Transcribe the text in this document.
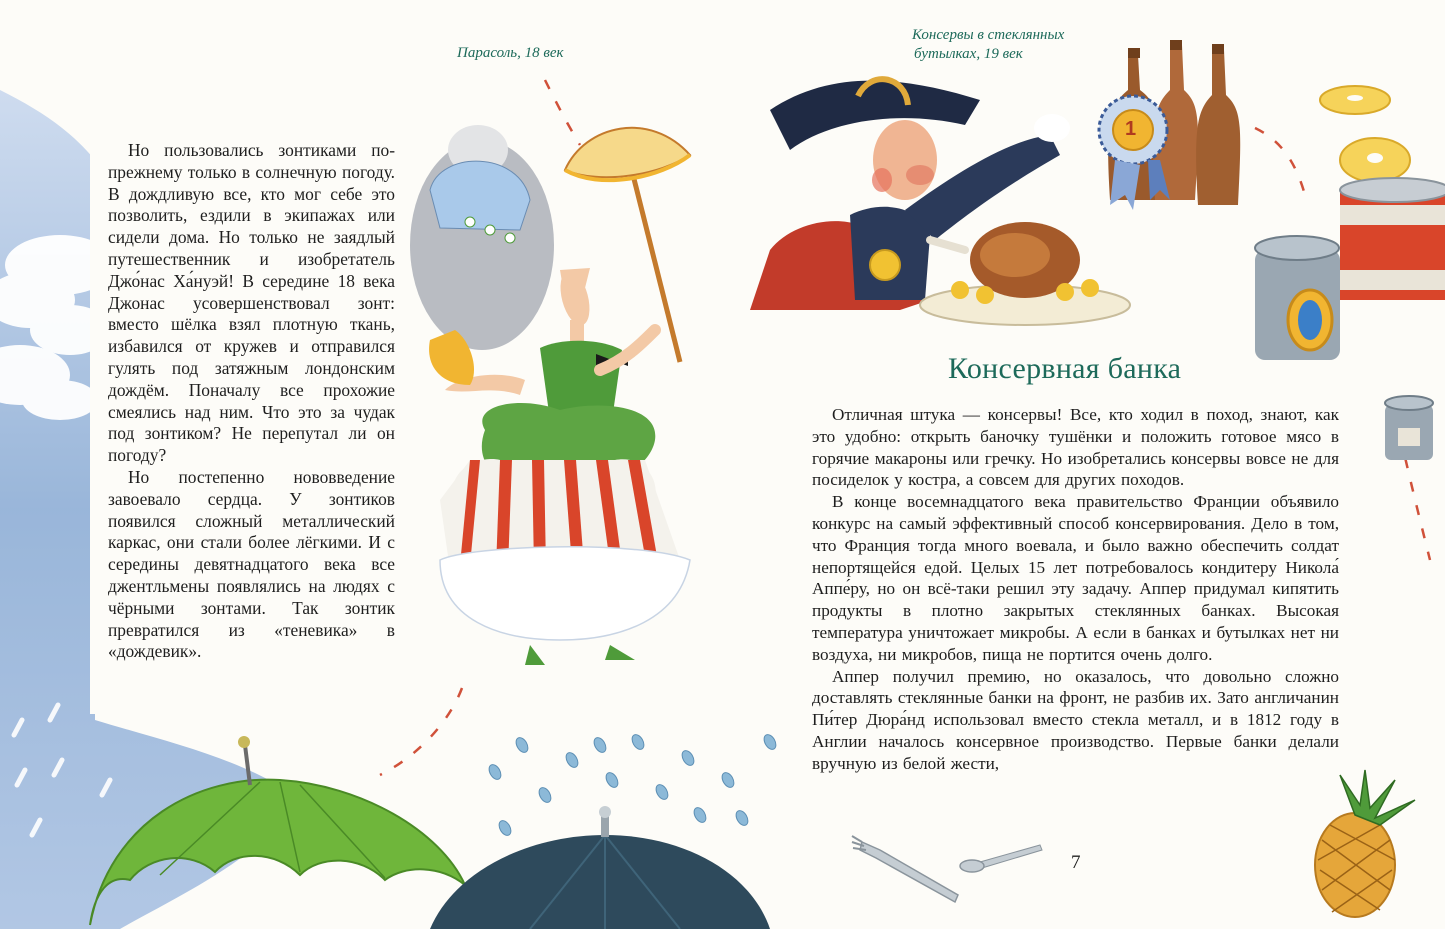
Парасоль, 18 век

Консервы в стеклянных
бутылках, 19 век

Но пользовались зонтиками по-прежнему только в солнечную погоду. В дождливую все, кто мог себе это позволить, ездили в экипажах или сидели дома. Но только не заядлый путешественник и изобретатель Джо́нас Ха́нуэй! В середине 18 века Джонас усовершенствовал зонт: вместо шёлка взял плотную ткань, избавился от кружев и отправился гулять под затяжным лондонским дождём. Поначалу все прохожие смеялись над ним. Что это за чудак под зонтиком? Не перепутал ли он погоду?

Но постепенно нововведение завоевало сердца. У зонтиков появился сложный металлический каркас, они стали более лёгкими. И с середины девятнадцатого века все джентльмены появлялись на людях с чёрными зонтами. Так зонтик превратился из «теневика» в «дождевик».

Консервная банка

Отличная штука — консервы! Все, кто ходил в поход, знают, как это удобно: открыть баночку тушёнки и положить готовое мясо в горячие макароны или гречку. Но изобретались консервы вовсе не для посиделок у костра, а совсем для других походов.

В конце восемнадцатого века правительство Франции объявило конкурс на самый эффективный способ консервирования. Дело в том, что Франция тогда много воевала, и было важно обеспечить солдат непортящейся едой. Целых 15 лет потребовалось кондитеру Никола́ Аппе́ру, но он всё-таки решил эту задачу. Аппер придумал кипятить продукты в плотно закрытых стеклянных банках. Высокая температура уничтожает микробы. А если в банках и бутылках нет ни воздуха, ни микробов, пища не портится очень долго.

Аппер получил премию, но оказалось, что довольно сложно доставлять стеклянные банки на фронт, не разбив их. Зато англичанин Пи́тер Дюра́нд использовал вместо стекла металл, и в 1812 году в Англии началось консервное производство. Первые банки делали вручную из белой жести,

1
7
